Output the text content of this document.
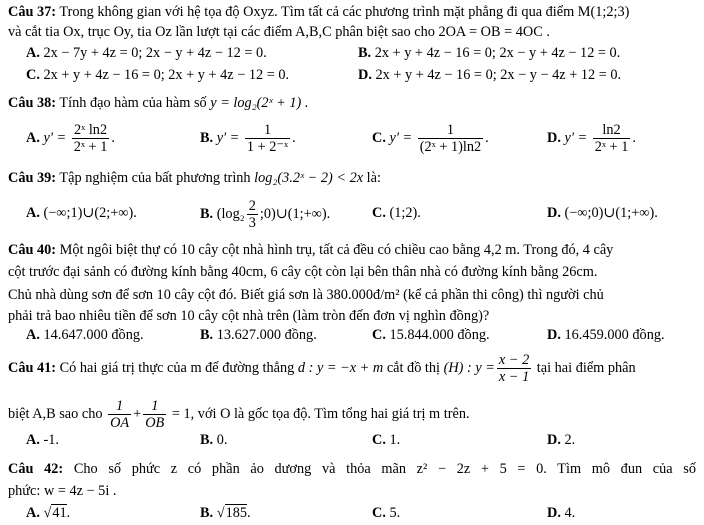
Câu 37: Trong không gian với hệ tọa độ Oxyz. Tìm tất cả các phương trình mặt phẳng đi qua điểm M(1;2;3)
và cắt tia Ox, trục Oy, tia Oz lần lượt tại các điểm A,B,C phân biệt sao cho 2OA = OB = 4OC .
A. 2x − 7y + 4z = 0; 2x − y + 4z − 12 = 0.	B. 2x + y + 4z − 16 = 0; 2x − y + 4z − 12 = 0.
C. 2x + y + 4z − 16 = 0; 2x + y + 4z − 12 = 0.	D. 2x + y + 4z − 16 = 0; 2x − y − 4z + 12 = 0.
Câu 38: Tính đạo hàm của hàm số y = log₂(2ˣ + 1) .
A. $y' = \frac{\text{2ˣ ln2}}{\text{2ˣ + 1}}$ .	B. $y' = \frac{1}{\text{1 + 2⁻ˣ}}$ .	C. $y' = \frac{1}{\text{(2ˣ + 1)ln2}}$ .	D. $y' = \frac{\ln 2}{\text{2ˣ + 1}}$ .
Câu 39: Tập nghiệm của bất phương trình log₂(3.2ˣ − 2) < 2x là:
A. (−∞;1)∪(2;+∞).	B. ($\log_2 \frac{2}{3}$ ;0)∪(1;+∞).	C. (1;2).	D. (−∞;0)∪(1;+∞).
Câu 40: Một ngôi biệt thự có 10 cây cột nhà hình trụ, tất cả đều có chiều cao bằng 4,2 m. Trong đó, 4 cây
cột trước đại sảnh có đường kính bằng 40cm, 6 cây cột còn lại bên thân nhà có đường kính bằng 26cm.
Chủ nhà dùng sơn để sơn 10 cây cột đó. Biết giá sơn là 380.000đ/m² (kể cả phần thi công) thì người chủ
phải trả bao nhiêu tiền để sơn 10 cây cột nhà trên (làm tròn đến đơn vị nghìn đồng)?
A. 14.647.000 đồng.	B. 13.627.000 đồng.	C. 15.844.000 đồng.	D. 16.459.000 đồng.
Câu 41: Có hai giá trị thực của m để đường thẳng d : y = −x + m cắt đồ thị (H) : $y = \frac{x - 2}{x - 1}$ tại hai điểm phân
biệt A,B sao cho $\frac{1}{OA} + \frac{1}{OB} = 1$, với O là gốc tọa độ. Tìm tổng hai giá trị m trên.
A. -1.	B. 0.	C. 1.	D. 2.
Câu 42: Cho số phức z có phần ảo dương và thỏa mãn z² − 2z + 5 = 0. Tìm mô đun của số
phức: w = 4z − 5i .
A. √41.	B. √185.	C. 5.	D. 4.
